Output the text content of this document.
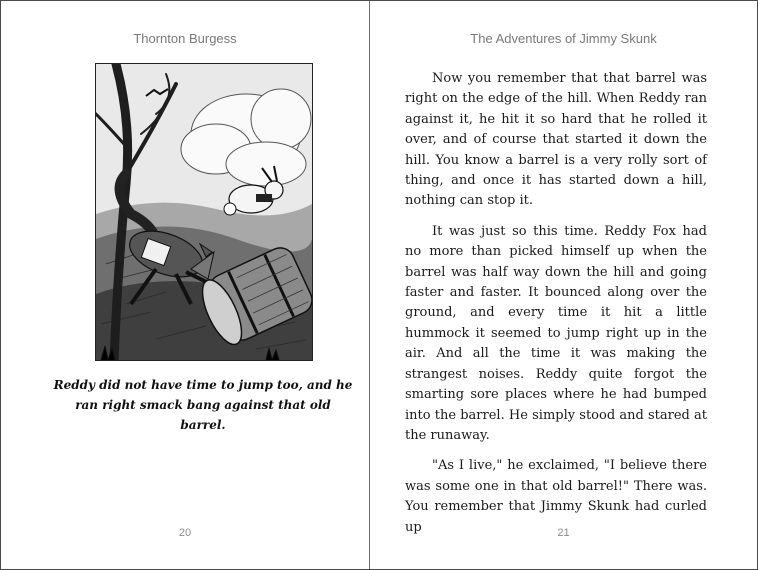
Thornton Burgess
Reddy did not have time to jump too, and he ran right smack bang against that old barrel.
20
The Adventures of Jimmy Skunk

Now you remember that that barrel was right on the edge of the hill. When Reddy ran against it, he hit it so hard that he rolled it over, and of course that started it down the hill. You know a barrel is a very rolly sort of thing, and once it has started down a hill, nothing can stop it.

It was just so this time. Reddy Fox had no more than picked himself up when the barrel was half way down the hill and going faster and faster. It bounced along over the ground, and every time it hit a little hummock it seemed to jump right up in the air. And all the time it was making the strangest noises. Reddy quite forgot the smarting sore places where he had bumped into the barrel. He simply stood and stared at the runaway.

"As I live," he exclaimed, "I believe there was some one in that old barrel!" There was. You remember that Jimmy Skunk had curled up	21
